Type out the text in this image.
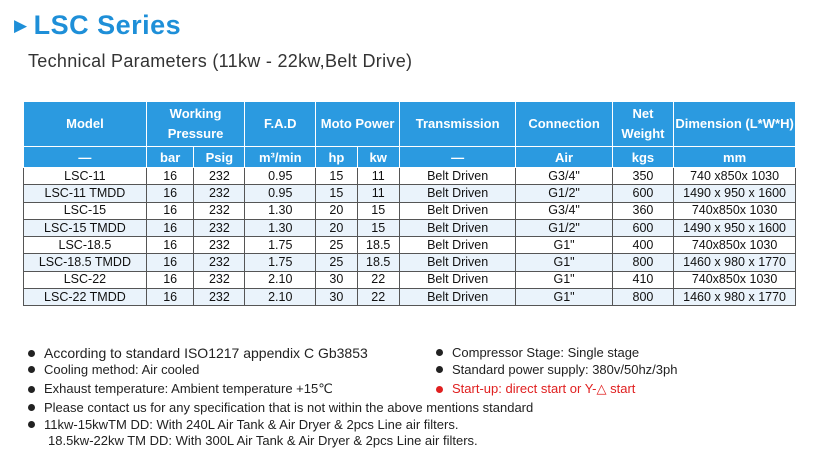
▶ LSC Series
Technical Parameters (11kw - 22kw,Belt Drive)
Model	Working Pressure		F.A.D	Moto Power		Transmission	Connection	Net Weight	Dimension (L*W*H)
—	bar	Psig	m³/min	hp	kw	—	Air	kgs	mm
LSC-11	16	232	0.95	15	11	Belt Driven	G3/4"	350	740 x850x 1030
LSC-11 TMDD	16	232	0.95	15	11	Belt Driven	G1/2"	600	1490 x 950 x 1600
LSC-15	16	232	1.30	20	15	Belt Driven	G3/4"	360	740x850x 1030
LSC-15 TMDD	16	232	1.30	20	15	Belt Driven	G1/2"	600	1490 x 950 x 1600
LSC-18.5	16	232	1.75	25	18.5	Belt Driven	G1"	400	740x850x 1030
LSC-18.5 TMDD	16	232	1.75	25	18.5	Belt Driven	G1"	800	1460 x 980 x 1770
LSC-22	16	232	2.10	30	22	Belt Driven	G1"	410	740x850x 1030
LSC-22 TMDD	16	232	2.10	30	22	Belt Driven	G1"	800	1460 x 980 x 1770
According to standard ISO1217 appendix C Gb3853	Compressor Stage: Single stage
Cooling method: Air cooled	Standard power supply: 380v/50hz/3ph
Exhaust temperature: Ambient temperature +15℃	Start-up: direct start or Y-△ start
Please contact us for any specification that is not within the above mentions standard
11kw-15kwTM DD: With 240L Air Tank & Air Dryer & 2pcs Line air filters.
18.5kw-22kw TM DD: With 300L Air Tank & Air Dryer & 2pcs Line air filters.
